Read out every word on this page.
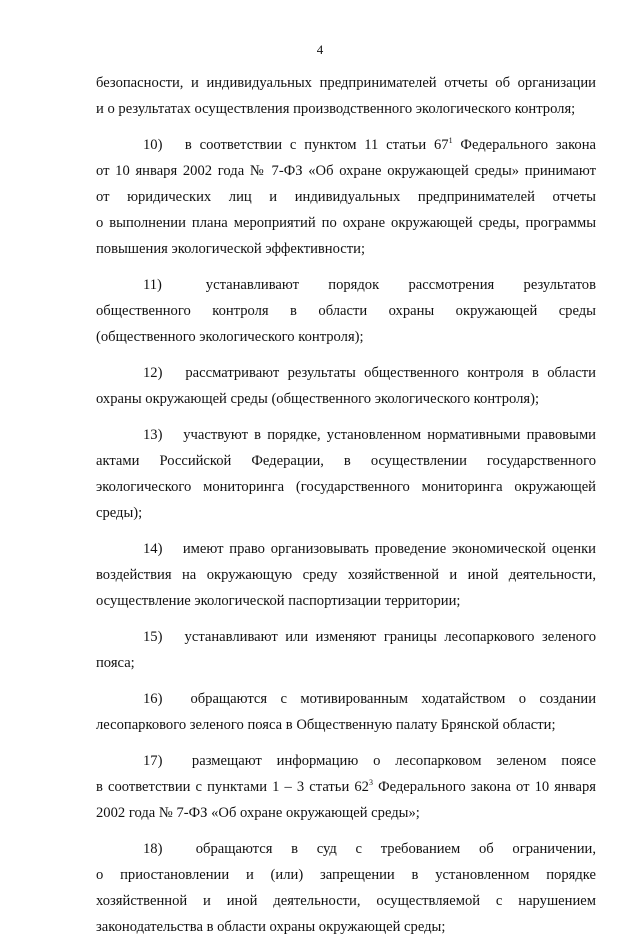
4
безопасности, и индивидуальных предпринимателей отчеты об организации
и о результатах осуществления производственного экологического контроля;
10)  в соответствии с пунктом 11 статьи $67^1$ Федерального закона
от 10 января 2002 года № 7-ФЗ «Об охране окружающей среды» принимают
от юридических лиц и индивидуальных предпринимателей отчеты
о выполнении плана мероприятий по охране окружающей среды, программы
повышения экологической эффективности;
11)  устанавливают порядок рассмотрения результатов
общественного контроля в области охраны окружающей среды
(общественного экологического контроля);
12)  рассматривают результаты общественного контроля в области
охраны окружающей среды (общественного экологического контроля);
13)  участвуют в порядке, установленном нормативными правовыми
актами Российской Федерации, в осуществлении государственного
экологического мониторинга (государственного мониторинга окружающей
среды);
14)  имеют право организовывать проведение экономической оценки
воздействия на окружающую среду хозяйственной и иной деятельности,
осуществление экологической паспортизации территории;
15)  устанавливают или изменяют границы лесопаркового зеленого
пояса;
16)  обращаются с мотивированным ходатайством о создании
лесопаркового зеленого пояса в Общественную палату Брянской области;
17)  размещают информацию о лесопарковом зеленом поясе
в соответствии с пунктами 1 – 3 статьи $62^3$ Федерального закона от 10 января
2002 года № 7-ФЗ «Об охране окружающей среды»;
18)  обращаются в суд с требованием об ограничении,
о приостановлении и (или) запрещении в установленном порядке
хозяйственной и иной деятельности, осуществляемой с нарушением
законодательства в области охраны окружающей среды;
